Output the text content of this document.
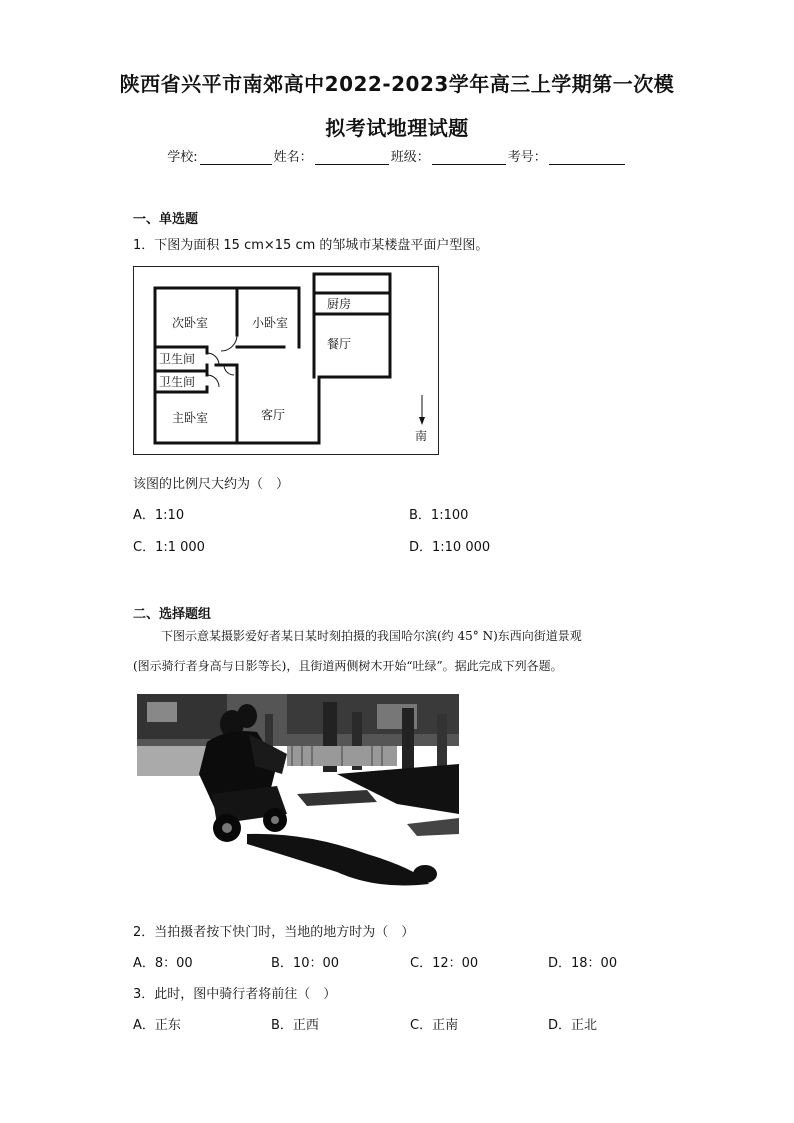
陕西省兴平市南郊高中2022-2023学年高三上学期第一次模
拟考试地理试题
学校:	姓名：	班级：	考号：
一、单选题
1．下图为面积 15 cm×15 cm 的邹城市某楼盘平面户型图。
次卧室	小卧室
厨房
餐厅
卫生间
卫生间
主卧室	客厅
南
该图的比例尺大约为（　）
A．1:10	B．1:100
C．1:1 000	D．1:10 000
二、选择题组
下图示意某摄影爱好者某日某时刻拍摄的我国哈尔滨(约 45° N)东西向街道景观
(图示骑行者身高与日影等长)，且街道两侧树木开始“吐绿”。据此完成下列各题。
2．当拍摄者按下快门时，当地的地方时为（　）
A．8：00	B．10：00	C．12：00	D．18：00
3．此时，图中骑行者将前往（　）
A．正东	B．正西	C．正南	D．正北
